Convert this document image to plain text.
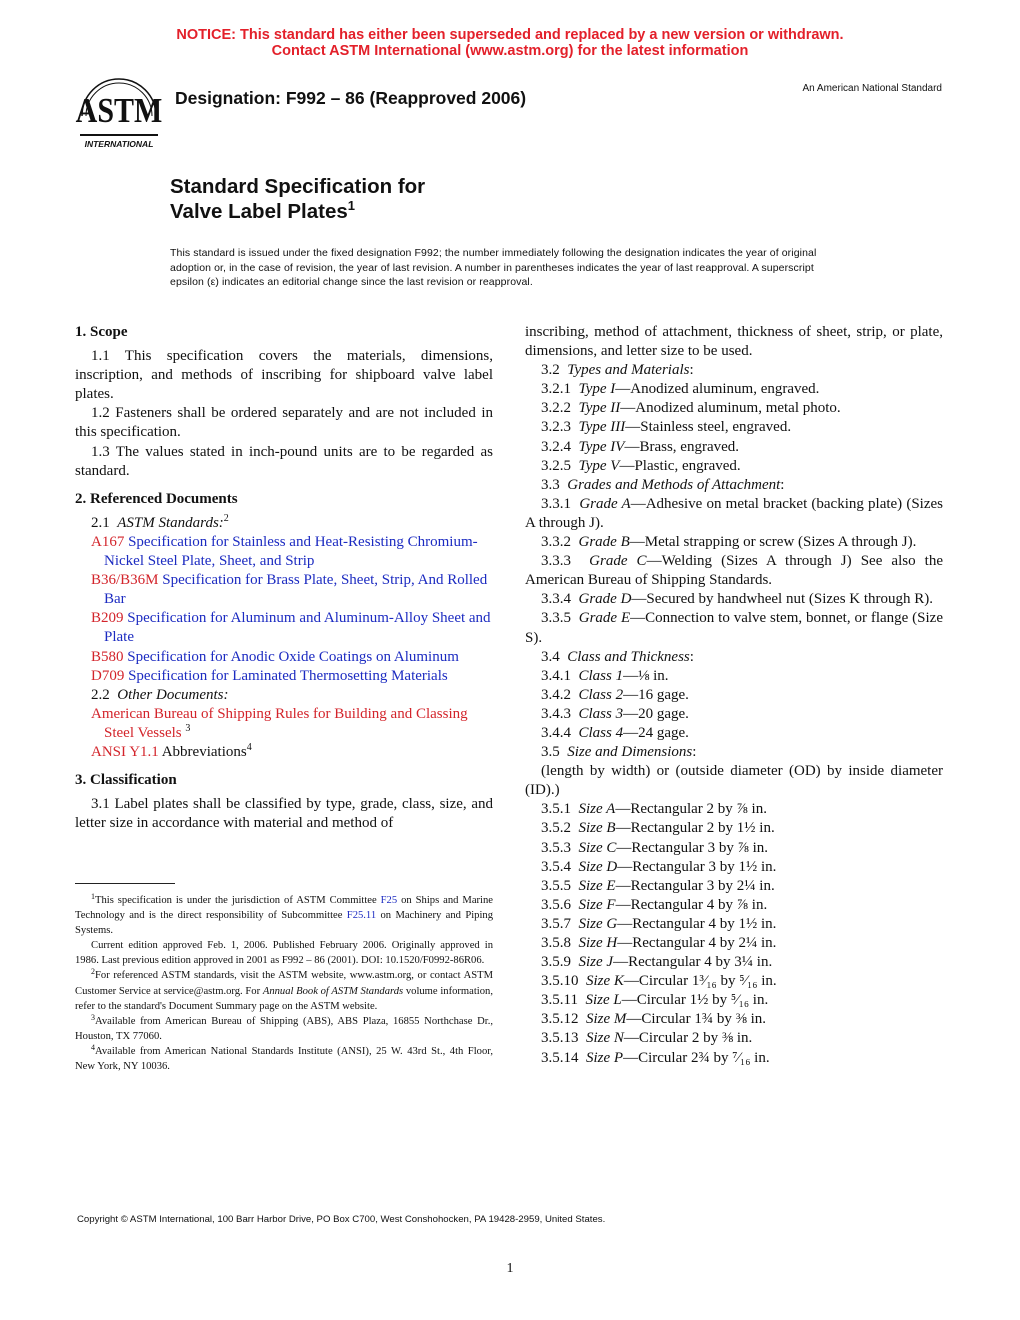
NOTICE: This standard has either been superseded and replaced by a new version or withdrawn.
Contact ASTM International (www.astm.org) for the latest information
ASTM
INTERNATIONAL
Designation: F992 – 86 (Reapproved 2006)	An American National Standard
Standard Specification for
Valve Label Plates$^1$
This standard is issued under the fixed designation F992; the number immediately following the designation indicates the year of original adoption or, in the case of revision, the year of last revision. A number in parentheses indicates the year of last reapproval. A superscript epsilon (ε) indicates an editorial change since the last revision or reapproval.
1. Scope

1.1 This specification covers the materials, dimensions, inscription, and methods of inscribing for shipboard valve label plates.

1.2 Fasteners shall be ordered separately and are not included in this specification.

1.3 The values stated in inch-pound units are to be regarded as standard.

2. Referenced Documents

2.1 ASTM Standards:$^2$

A167 Specification for Stainless and Heat-Resisting Chromium-Nickel Steel Plate, Sheet, and Strip

B36/B36M Specification for Brass Plate, Sheet, Strip, And Rolled Bar

B209 Specification for Aluminum and Aluminum-Alloy Sheet and Plate

B580 Specification for Anodic Oxide Coatings on Aluminum

D709 Specification for Laminated Thermosetting Materials

2.2 Other Documents:

American Bureau of Shipping Rules for Building and Classing Steel Vessels $^3$

ANSI Y1.1 Abbreviations$^4$

3. Classification

3.1 Label plates shall be classified by type, grade, class, size, and letter size in accordance with material and method of

$^1$This specification is under the jurisdiction of ASTM Committee F25 on Ships and Marine Technology and is the direct responsibility of Subcommittee F25.11 on Machinery and Piping Systems.

Current edition approved Feb. 1, 2006. Published February 2006. Originally approved in 1986. Last previous edition approved in 2001 as F992 – 86 (2001). DOI: 10.1520/F0992-86R06.

$^2$For referenced ASTM standards, visit the ASTM website, www.astm.org, or contact ASTM Customer Service at service@astm.org. For Annual Book of ASTM Standards volume information, refer to the standard's Document Summary page on the ASTM website.

$^3$Available from American Bureau of Shipping (ABS), ABS Plaza, 16855 Northchase Dr., Houston, TX 77060.

$^4$Available from American National Standards Institute (ANSI), 25 W. 43rd St., 4th Floor, New York, NY 10036.

inscribing, method of attachment, thickness of sheet, strip, or plate, dimensions, and letter size to be used.

3.2 Types and Materials:

3.2.1 Type I—Anodized aluminum, engraved.

3.2.2 Type II—Anodized aluminum, metal photo.

3.2.3 Type III—Stainless steel, engraved.

3.2.4 Type IV—Brass, engraved.

3.2.5 Type V—Plastic, engraved.

3.3 Grades and Methods of Attachment:

3.3.1 Grade A—Adhesive on metal bracket (backing plate) (Sizes A through J).

3.3.2 Grade B—Metal strapping or screw (Sizes A through J).

3.3.3 Grade C—Welding (Sizes A through J) See also the American Bureau of Shipping Standards.

3.3.4 Grade D—Secured by handwheel nut (Sizes K through R).

3.3.5 Grade E—Connection to valve stem, bonnet, or flange (Size S).

3.4 Class and Thickness:

3.4.1 Class 1—⅛ in.

3.4.2 Class 2—16 gage.

3.4.3 Class 3—20 gage.

3.4.4 Class 4—24 gage.

3.5 Size and Dimensions:

(length by width) or (outside diameter (OD) by inside diameter (ID).)

3.5.1 Size A—Rectangular 2 by ⅞ in.

3.5.2 Size B—Rectangular 2 by 1½ in.

3.5.3 Size C—Rectangular 3 by ⅞ in.

3.5.4 Size D—Rectangular 3 by 1½ in.

3.5.5 Size E—Rectangular 3 by 2¼ in.

3.5.6 Size F—Rectangular 4 by ⅞ in.

3.5.7 Size G—Rectangular 4 by 1½ in.

3.5.8 Size H—Rectangular 4 by 2¼ in.

3.5.9 Size J—Rectangular 4 by 3¼ in.

3.5.10 Size K—Circular 1³⁄₁₆ by ⁵⁄₁₆ in.

3.5.11 Size L—Circular 1½ by ⁵⁄₁₆ in.

3.5.12 Size M—Circular 1¾ by ⅜ in.

3.5.13 Size N—Circular 2 by ⅜ in.

3.5.14 Size P—Circular 2¾ by ⁷⁄₁₆ in.

Copyright © ASTM International, 100 Barr Harbor Drive, PO Box C700, West Conshohocken, PA 19428-2959, United States.
1
